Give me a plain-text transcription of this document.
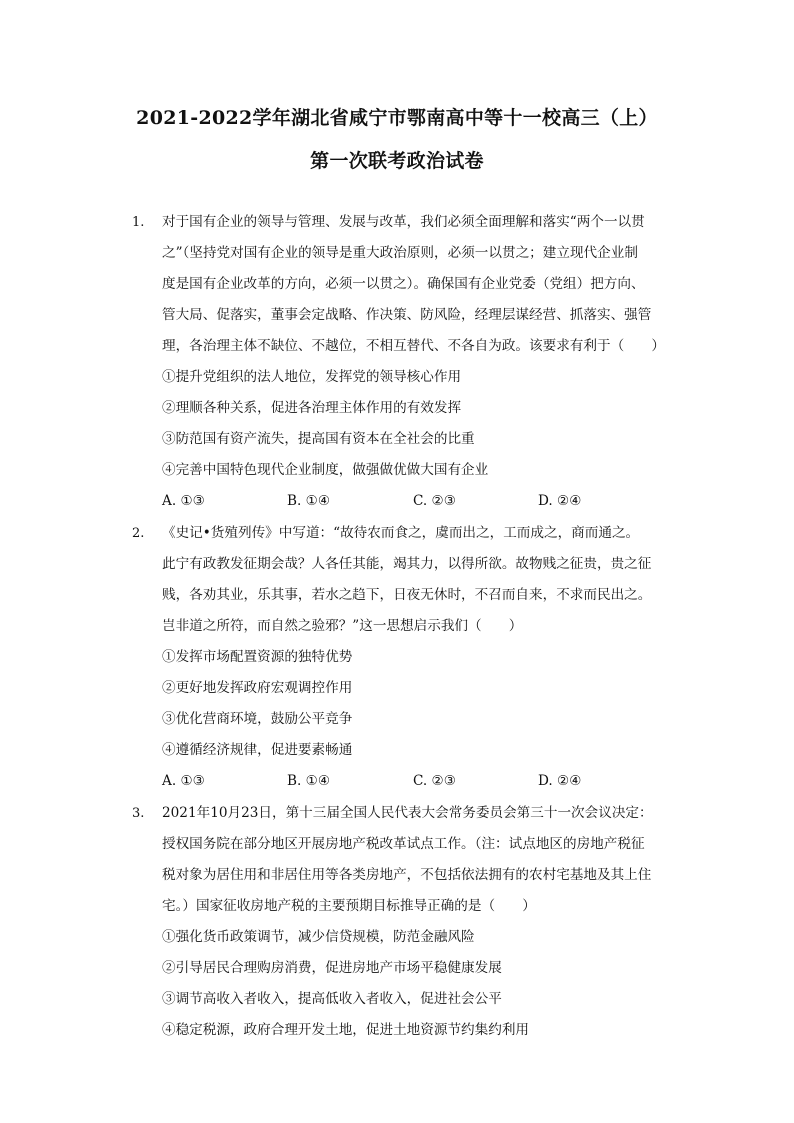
2021-2022学年湖北省咸宁市鄂南高中等十一校高三（上）
第一次联考政治试卷
1. 对于国有企业的领导与管理、发展与改革，我们必须全面理解和落实“两个一以贯
之”（坚持党对国有企业的领导是重大政治原则，必须一以贯之；建立现代企业制
度是国有企业改革的方向，必须一以贯之）。确保国有企业党委（党组）把方向、
管大局、促落实，董事会定战略、作决策、防风险，经理层谋经营、抓落实、强管
理，各治理主体不缺位、不越位，不相互替代、不各自为政。该要求有利于（　　）
①提升党组织的法人地位，发挥党的领导核心作用
②理顺各种关系，促进各治理主体作用的有效发挥
③防范国有资产流失，提高国有资本在全社会的比重
④完善中国特色现代企业制度，做强做优做大国有企业
A. ①③	B. ①④	C. ②③	D. ②④
2. 《史记•货殖列传》中写道：“故待农而食之，虞而出之，工而成之，商而通之。
此宁有政教发征期会哉？人各任其能，竭其力，以得所欲。故物贱之征贵，贵之征
贱，各劝其业，乐其事，若水之趋下，日夜无休时，不召而自来，不求而民出之。
岂非道之所符，而自然之验邪？”这一思想启示我们（　　）
①发挥市场配置资源的独特优势
②更好地发挥政府宏观调控作用
③优化营商环境，鼓励公平竞争
④遵循经济规律，促进要素畅通
A. ①③	B. ①④	C. ②③	D. ②④
3. 2021年10月23日，第十三届全国人民代表大会常务委员会第三十一次会议决定：
授权国务院在部分地区开展房地产税改革试点工作。（注：试点地区的房地产税征
税对象为居住用和非居住用等各类房地产，不包括依法拥有的农村宅基地及其上住
宅。）国家征收房地产税的主要预期目标推导正确的是（　　）
①强化货币政策调节，减少信贷规模，防范金融风险
②引导居民合理购房消费，促进房地产市场平稳健康发展
③调节高收入者收入，提高低收入者收入，促进社会公平
④稳定税源，政府合理开发土地，促进土地资源节约集约利用
